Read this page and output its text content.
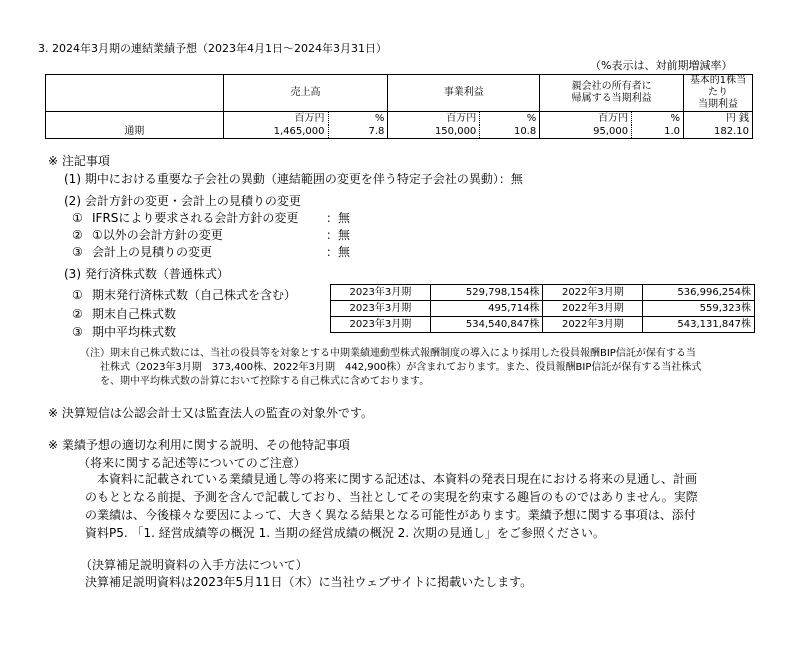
3. 2024年3月期の連結業績予想（2023年4月1日～2024年3月31日）
（%表示は、対前期増減率）
	売上高		事業利益		親会社の所有者に
帰属する当期利益		基本的1株当たり
当期利益
	百万円	%	百万円	%	百万円	%	円 銭
通期	1,465,000	7.8	150,000	10.8	95,000	1.0	182.10
※ 注記事項
(1) 期中における重要な子会社の異動（連結範囲の変更を伴う特定子会社の異動）：無
(2) 会計方針の変更・会計上の見積りの変更
① IFRSにより要求される会計方針の変更 ：無
② ①以外の会計方針の変更	：無
③ 会計上の見積りの変更	：無
(3) 発行済株式数（普通株式）
① 期末発行済株式数（自己株式を含む）
② 期末自己株式数
③ 期中平均株式数
2023年3月期	529,798,154株	2022年3月期	536,996,254株
2023年3月期	495,714株	2022年3月期	559,323株
2023年3月期	534,540,847株	2022年3月期	543,131,847株
（注）期末自己株式数には、当社の役員等を対象とする中期業績連動型株式報酬制度の導入により採用した役員報酬BIP信託が保有する当
社株式（2023年3月期　373,400株、2022年3月期　442,900株）が含まれております。また、役員報酬BIP信託が保有する当社株式
を、期中平均株式数の計算において控除する自己株式に含めております。
※ 決算短信は公認会計士又は監査法人の監査の対象外です。
※ 業績予想の適切な利用に関する説明、その他特記事項
（将来に関する記述等についてのご注意）
本資料に記載されている業績見通し等の将来に関する記述は、本資料の発表日現在における将来の見通し、計画
のもととなる前提、予測を含んで記載しており、当社としてその実現を約束する趣旨のものではありません。実際
の業績は、今後様々な要因によって、大きく異なる結果となる可能性があります。業績予想に関する事項は、添付
資料P5. 「1. 経営成績等の概況 1. 当期の経営成績の概況 2. 次期の見通し」をご参照ください。
（決算補足説明資料の入手方法について）
決算補足説明資料は2023年5月11日（木）に当社ウェブサイトに掲載いたします。
